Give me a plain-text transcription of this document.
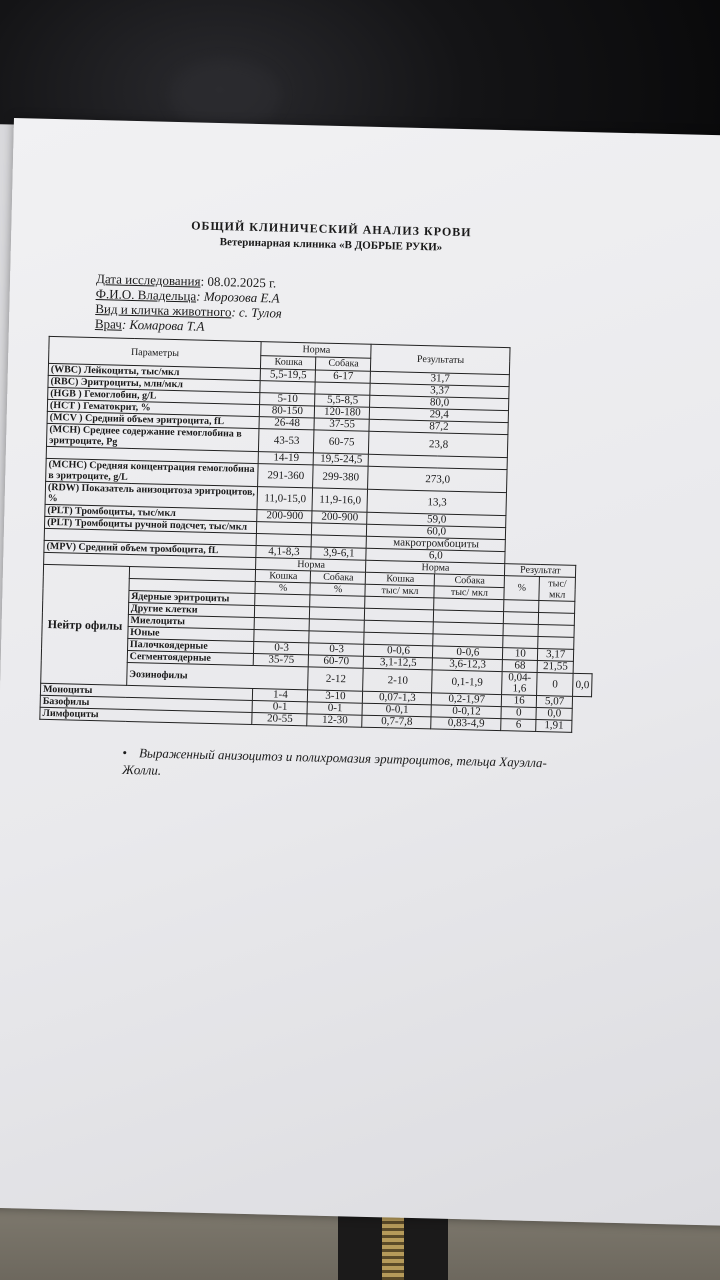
ОБЩИЙ КЛИНИЧЕСКИЙ АНАЛИЗ КРОВИ

Ветеринарная клиника «В ДОБРЫЕ РУКИ»

Дата исследования: 08.02.2025 г.
Ф.И.О. Владельца: Морозова Е.А
Вид и кличка животного: с. Тулоя
Врач: Комарова Т.А
Параметры		Норма		Результаты				
		Кошка	Собака					
(WBC) Лейкоциты, тыс/мкл		5,5-19,5	6-17	31,7				
(RBC) Эритроциты, млн/мкл				3,37				
(HGB ) Гемоглобин, g/L		5-10	5,5-8,5	80,0				
(HCT ) Гематокрит, %		80-150	120-180	29,4				
(MCV ) Средний объем эритроцита, fL		26-48	37-55	87,2				
(MCH) Среднее содержание гемоглобина в эритроците, Pg		43-53	60-75	23,8				
		14-19	19,5-24,5					
(MCHC) Средняя концентрация гемоглобина в эритроците, g/L		291-360	299-380	273,0				
(RDW) Показатель анизоцитоза эритроцитов, %		11,0-15,0	11,9-16,0	13,3				
(PLT) Тромбоциты, тыс/мкл		200-900	200-900	59,0				
(PLT) Тромбоциты ручной подсчет, тыс/мкл				60,0				
				макротромбоциты				
(MPV) Средний объем тромбоцита, fL		4,1-8,3	3,9-6,1	6,0				
		Норма		Норма		Результат		
Нейтр офилы		Кошка	Собака	Кошка	Собака	%	тыс/ мкл	
		%	%	тыс/ мкл	тыс/ мкл			
	Ядерные эритроциты							
	Другие клетки							
	Миелоциты							
	Юные							
	Палочкоядерные	0-3	0-3	0-0,6	0-0,6	10	3,17	
	Сегментоядерные	35-75	60-70	3,1-12,5	3,6-12,3	68	21,55	
	Эозинофилы		2-12	2-10	0,1-1,9	0,04-1,6	0	0,0
Моноциты		1-4	3-10	0,07-1,3	0,2-1,97	16	5,07	
Базофилы		0-1	0-1	0-0,1	0-0,12	0	0,0	
Лимфоциты		20-55	12-30	0,7-7,8	0,83-4,9	6	1,91	
• Выраженный анизоцитоз и полихромазия эритроцитов, тельца Хауэлла-Жолли.
